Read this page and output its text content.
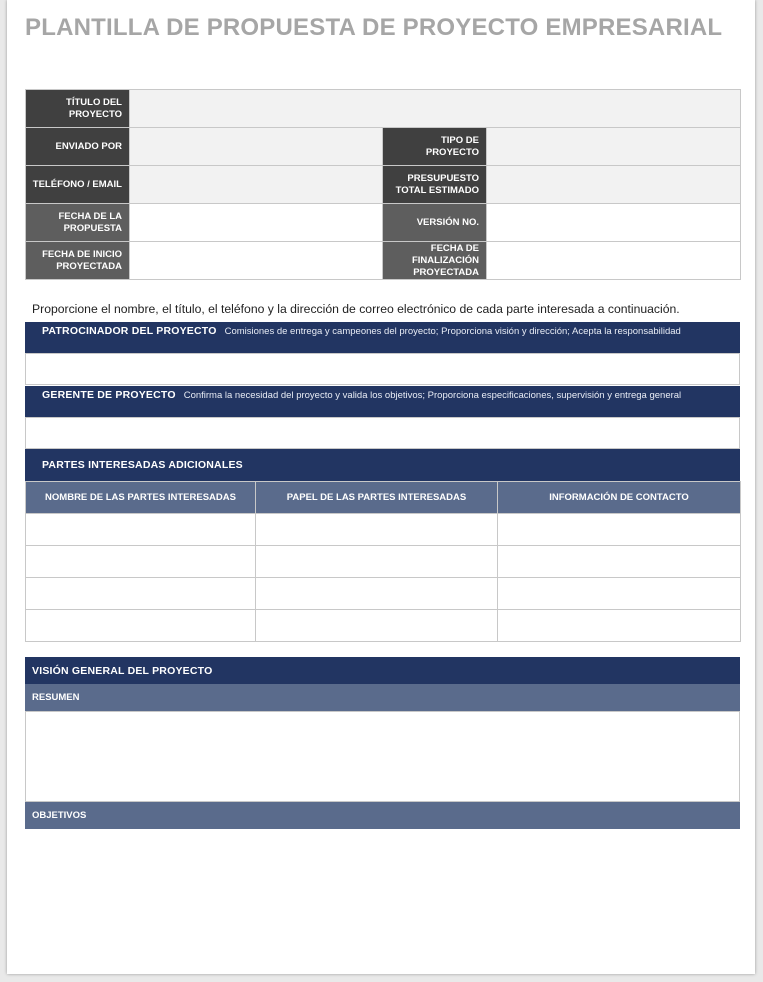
PLANTILLA DE PROPUESTA DE PROYECTO EMPRESARIAL
TÍTULO DEL PROYECTO			
ENVIADO POR		TIPO DE PROYECTO	
TELÉFONO / EMAIL		PRESUPUESTO TOTAL ESTIMADO	
FECHA DE LA PROPUESTA		VERSIÓN NO.	
FECHA DE INICIO PROYECTADA		FECHA DE FINALIZACIÓN PROYECTADA	
Proporcione el nombre, el título, el teléfono y la dirección de correo electrónico de cada parte interesada a continuación.
PATROCINADOR DEL PROYECTO Comisiones de entrega y campeones del proyecto; Proporciona visión y dirección; Acepta la responsabilidad
GERENTE DE PROYECTO Confirma la necesidad del proyecto y valida los objetivos; Proporciona especificaciones, supervisión y entrega general
PARTES INTERESADAS ADICIONALES
NOMBRE DE LAS PARTES INTERESADAS	PAPEL DE LAS PARTES INTERESADAS	INFORMACIÓN DE CONTACTO

VISIÓN GENERAL DEL PROYECTO
RESUMEN
OBJETIVOS
